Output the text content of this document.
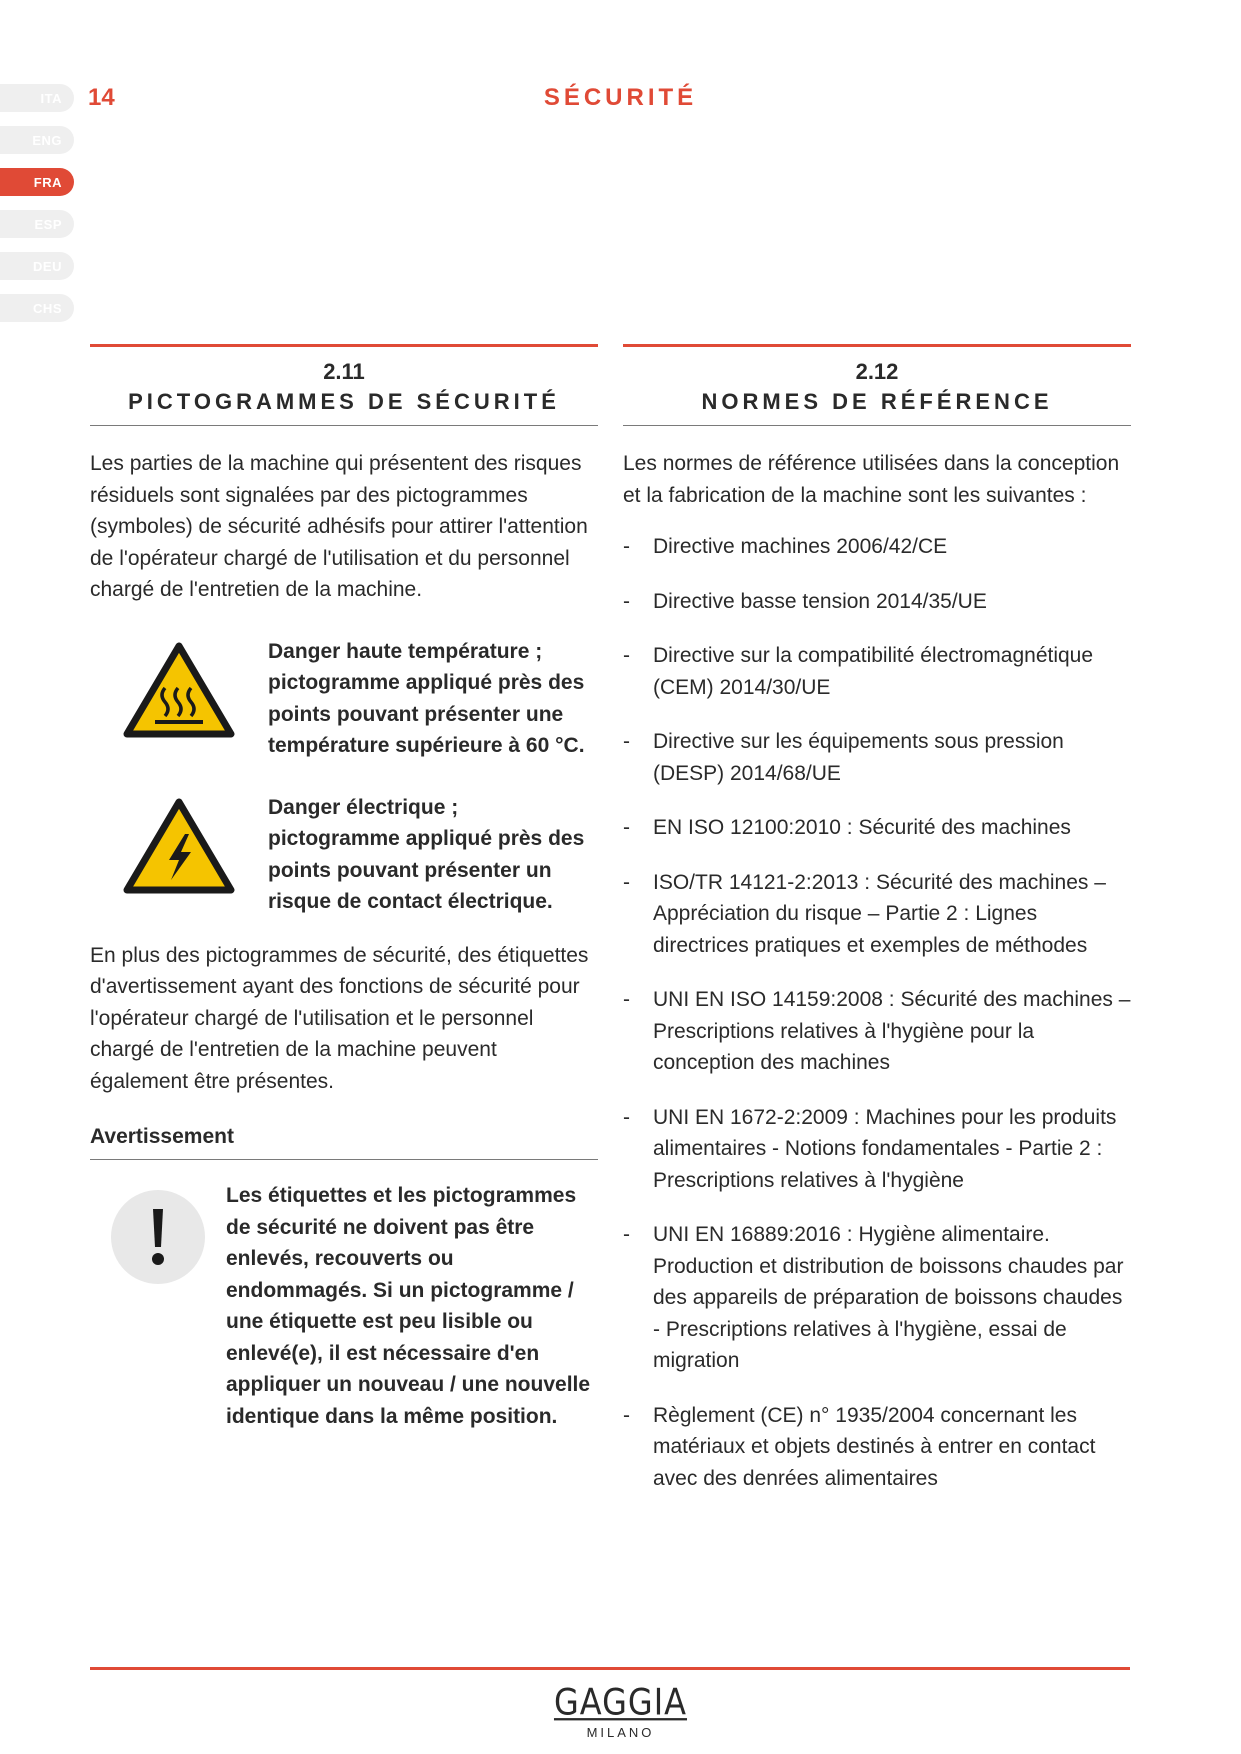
ITA
ENG
FRA
ESP
DEU
CHS
14	SÉCURITÉ
2.11
PICTOGRAMMES DE SÉCURITÉ

Les parties de la machine qui présentent des risques résiduels sont signalées par des pictogrammes (symboles) de sécurité adhésifs pour attirer l'attention de l'opérateur chargé de l'utilisation et du personnel chargé de l'entretien de la machine.

Danger haute température ; pictogramme appliqué près des points pouvant présenter une température supérieure à 60 °C.
Danger électrique ; pictogramme appliqué près des points pouvant présenter un risque de contact électrique.

En plus des pictogrammes de sécurité, des étiquettes d'avertissement ayant des fonctions de sécurité pour l'opérateur chargé de l'utilisation et le personnel chargé de l'entretien de la machine peuvent également être présentes.

Avertissement
Les étiquettes et les pictogrammes de sécurité ne doivent pas être enlevés, recouverts ou endommagés. Si un pictogramme / une étiquette est peu lisible ou enlevé(e), il est nécessaire d'en appliquer un nouveau / une nouvelle identique dans la même position.
2.12
NORMES DE RÉFÉRENCE

Les normes de référence utilisées dans la conception et la fabrication de la machine sont les suivantes :

- Directive machines 2006/42/CE
- Directive basse tension 2014/35/UE
- Directive sur la compatibilité électromagnétique (CEM) 2014/30/UE
- Directive sur les équipements sous pression (DESP) 2014/68/UE
- EN ISO 12100:2010 : Sécurité des machines
- ISO/TR 14121-2:2013 : Sécurité des machines – Appréciation du risque – Partie 2 : Lignes directrices pratiques et exemples de méthodes
- UNI EN ISO 14159:2008 : Sécurité des machines – Prescriptions relatives à l'hygiène pour la conception des machines
- UNI EN 1672-2:2009 : Machines pour les produits alimentaires - Notions fondamentales - Partie 2 : Prescriptions relatives à l'hygiène
- UNI EN 16889:2016 : Hygiène alimentaire. Production et distribution de boissons chaudes par des appareils de préparation de boissons chaudes - Prescriptions relatives à l'hygiène, essai de migration
- Règlement (CE) n° 1935/2004 concernant les matériaux et objets destinés à entrer en contact avec des denrées alimentaires
GAGGIA
MILANO
